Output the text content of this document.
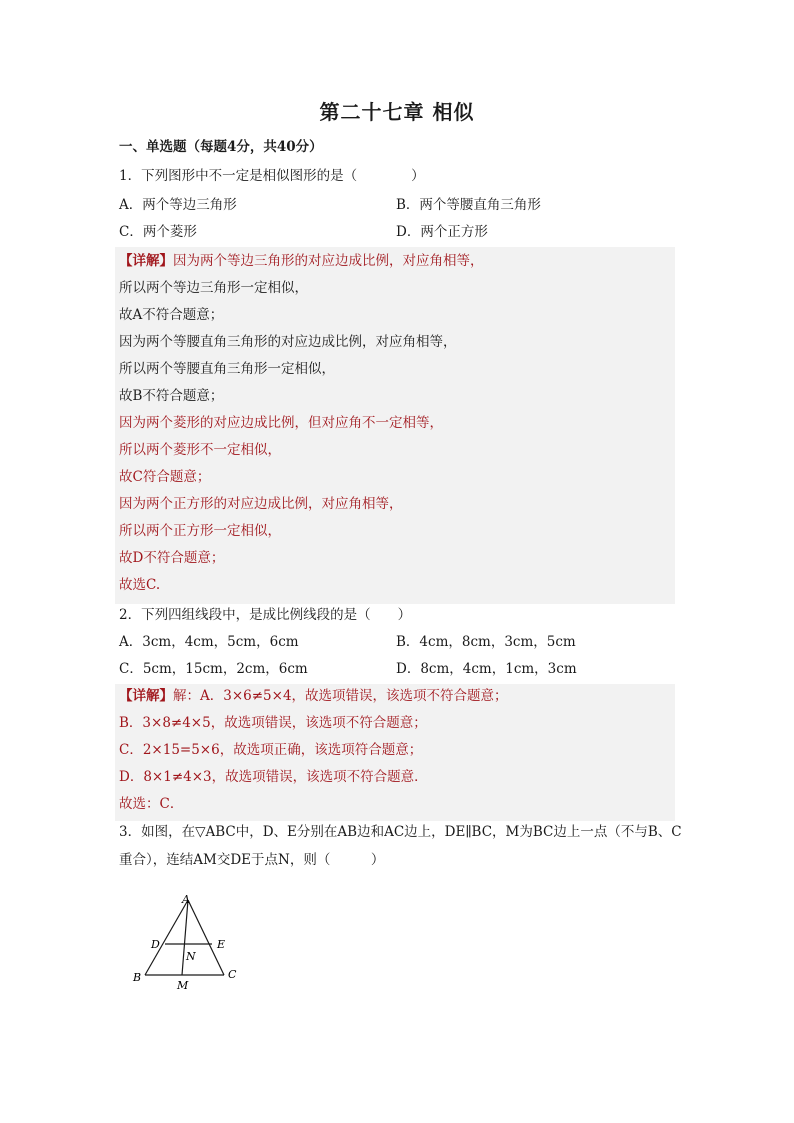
第二十七章 相似
一、单选题（每题4分，共40分）
1．下列图形中不一定是相似图形的是（　　　　）
A．两个等边三角形	B．两个等腰直角三角形
C．两个菱形	D．两个正方形
【详解】因为两个等边三角形的对应边成比例，对应角相等，
所以两个等边三角形一定相似，
故A不符合题意；
因为两个等腰直角三角形的对应边成比例，对应角相等，
所以两个等腰直角三角形一定相似，
故B不符合题意；
因为两个菱形的对应边成比例，但对应角不一定相等，
所以两个菱形不一定相似，
故C符合题意；
因为两个正方形的对应边成比例，对应角相等，
所以两个正方形一定相似，
故D不符合题意；
故选C.
2．下列四组线段中，是成比例线段的是（　　）
A．3cm，4cm，5cm，6cm	B．4cm，8cm，3cm，5cm
C．5cm，15cm，2cm，6cm	D．8cm，4cm，1cm，3cm
【详解】解：A．3×6≠5×4，故选项错误，该选项不符合题意；
B．3×8≠4×5，故选项错误，该选项不符合题意；
C．2×15=5×6，故选项正确，该选项符合题意；
D．8×1≠4×3，故选项错误，该选项不符合题意．
故选：C．
3．如图，在▽ABC中，D、E分别在AB边和AC边上，DE∥BC，M为BC边上一点（不与B、C
重合），连结AM交DE于点N，则（　　　）
A
D	E
N
B
M
C
